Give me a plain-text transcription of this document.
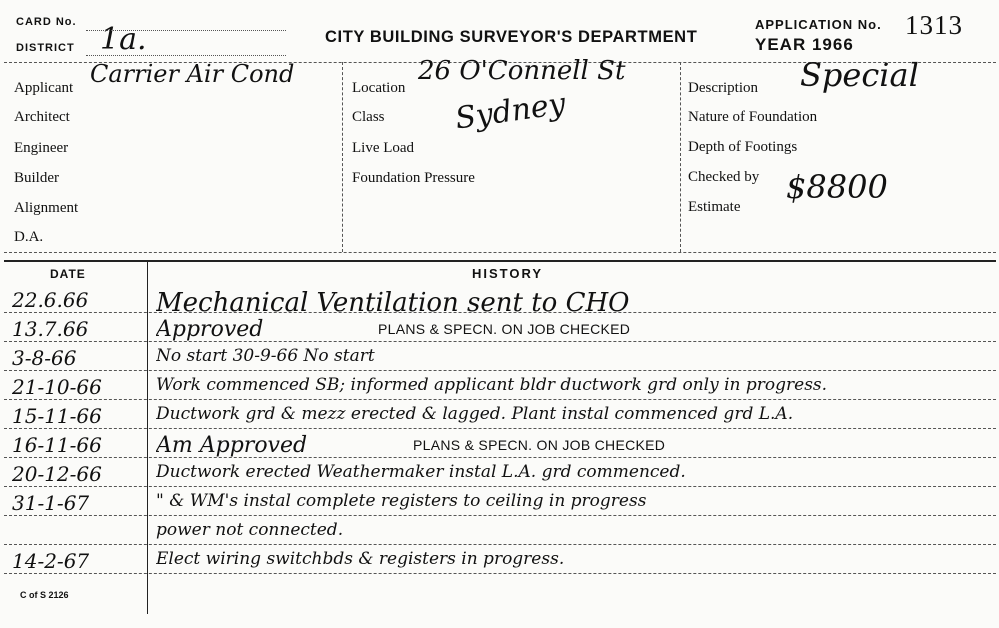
CARD No.
DISTRICT 1a.	CITY BUILDING SURVEYOR'S DEPARTMENT
APPLICATION No. 1313
YEAR 1966
Applicant Carrier Air Cond
Architect
Engineer
Builder
Alignment
D.A.
Location
26 O'Connell St
Sydney
Class
Live Load
Foundation Pressure
Description Special
Nature of Foundation
Depth of Footings
Checked by
Estimate
$8800
DATE	HISTORY
22.6.66	Mechanical Ventilation sent to CHO
13.7.66	Approved	PLANS & SPECN. ON JOB CHECKED
3-8-66	No start 30-9-66 No start
21-10-66	Work commenced SB; informed applicant bldr ductwork grd only in progress.
15-11-66	Ductwork grd & mezz erected & lagged. Plant instal commenced grd L.A.
16-11-66 Am Approved	PLANS & SPECN. ON JOB CHECKED
20-12-66	Ductwork erected Weathermaker instal L.A. grd commenced.
31-1-67	" & WM's instal complete registers to ceiling in progress
power not connected.
14-2-67	Elect wiring switchbds & registers in progress.
C of S 2126
